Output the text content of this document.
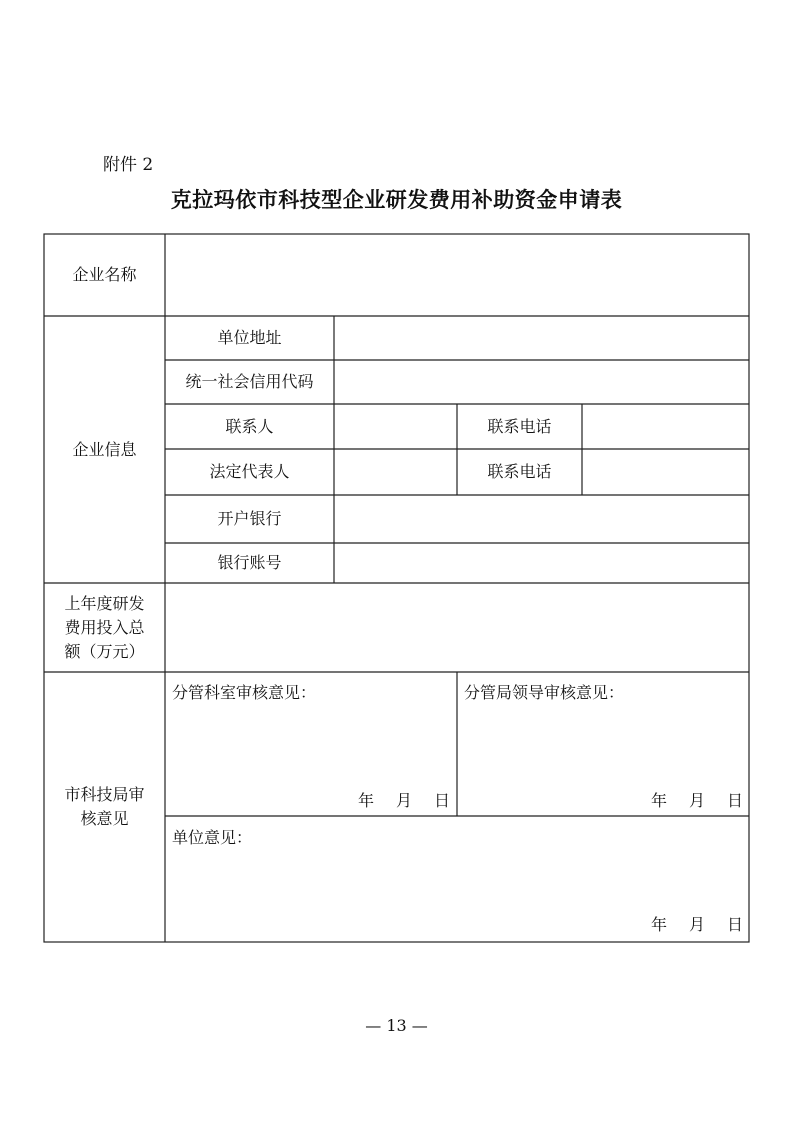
附件 2
克拉玛依市科技型企业研发费用补助资金申请表
企业名称
企业信息
上年度研发
费用投入总
额（万元）
市科技局审
核意见
单位地址
统一社会信用代码
联系人	联系电话
法定代表人	联系电话
开户银行
银行账号
分管科室审核意见：
年 月 日
分管局领导审核意见：
年 月 日
单位意见：
年 月 日
— 13 —
